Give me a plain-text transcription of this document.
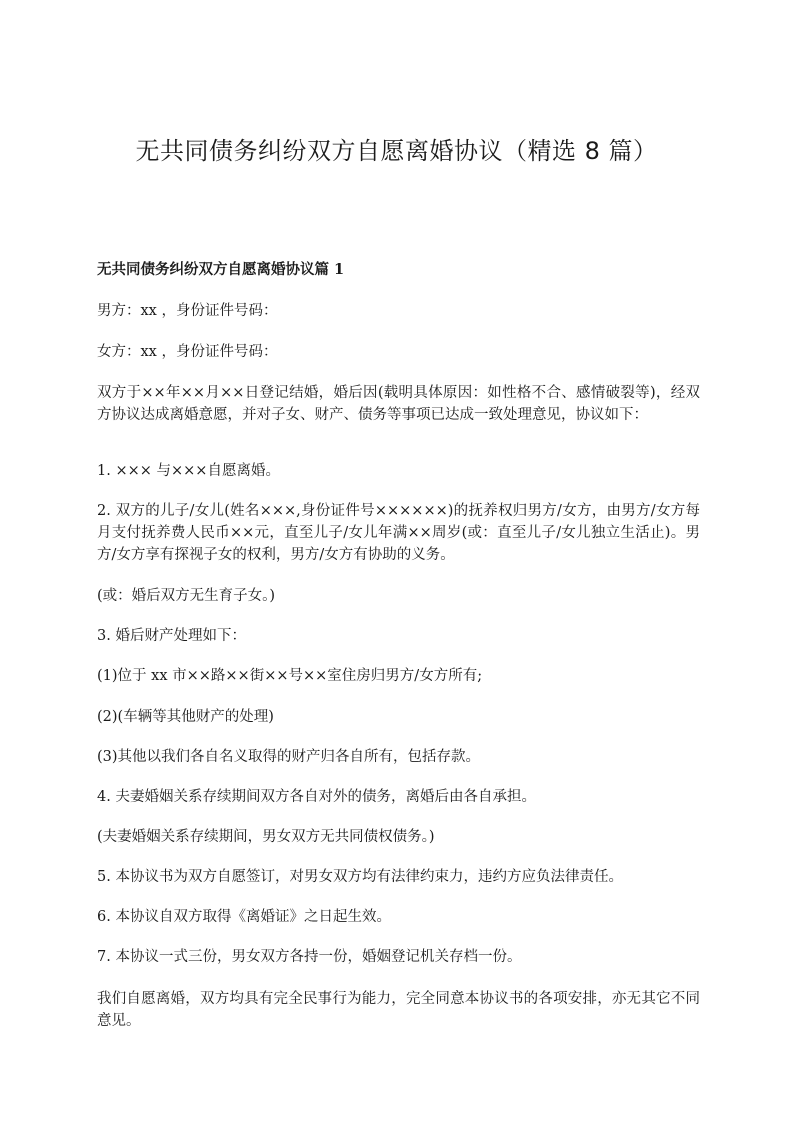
无共同债务纠纷双方自愿离婚协议（精选 8 篇）
无共同债务纠纷双方自愿离婚协议篇 1

男方：xx ，身份证件号码：

女方：xx ，身份证件号码：

双方于××年××月××日登记结婚，婚后因(载明具体原因：如性格不合、感情破裂等)，经双方协议达成离婚意愿，并对子女、财产、债务等事项已达成一致处理意见，协议如下：

1. ××× 与×××自愿离婚。

2. 双方的儿子/女儿(姓名×××,身份证件号××××××)的抚养权归男方/女方，由男方/女方每月支付抚养费人民币××元，直至儿子/女儿年满××周岁(或：直至儿子/女儿独立生活止)。男方/女方享有探视子女的权利，男方/女方有协助的义务。

(或：婚后双方无生育子女。)

3. 婚后财产处理如下：

(1)位于 xx 市××路××街××号××室住房归男方/女方所有;

(2)(车辆等其他财产的处理)

(3)其他以我们各自名义取得的财产归各自所有，包括存款。

4. 夫妻婚姻关系存续期间双方各自对外的债务，离婚后由各自承担。

(夫妻婚姻关系存续期间，男女双方无共同债权债务。)

5. 本协议书为双方自愿签订，对男女双方均有法律约束力，违约方应负法律责任。

6. 本协议自双方取得《离婚证》之日起生效。

7. 本协议一式三份，男女双方各持一份，婚姻登记机关存档一份。

我们自愿离婚，双方均具有完全民事行为能力，完全同意本协议书的各项安排，亦无其它不同意见。
